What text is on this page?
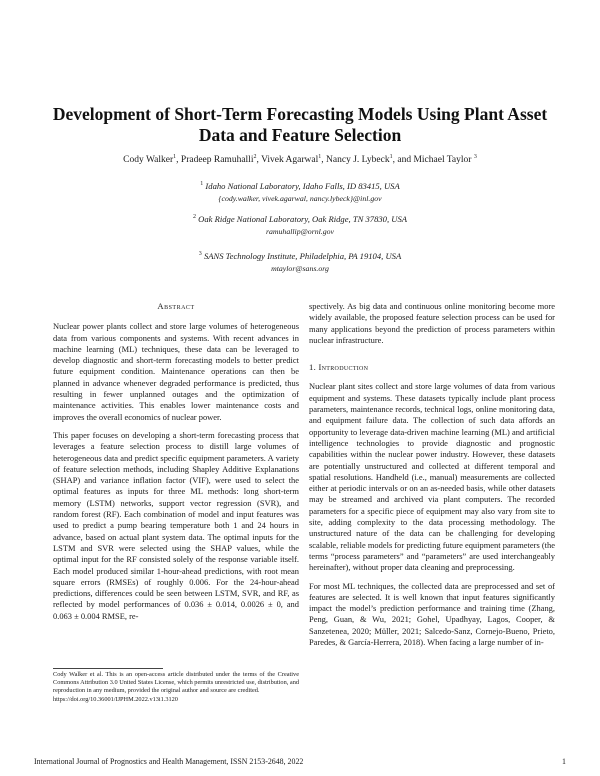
Development of Short-Term Forecasting Models Using Plant Asset Data and Feature Selection
Cody Walker$^1$, Pradeep Ramuhalli$^2$, Vivek Agarwal$^1$, Nancy J. Lybeck$^1$, and Michael Taylor $^3$
$^1$ Idaho National Laboratory, Idaho Falls, ID 83415, USA
{cody.walker, vivek.agarwal, nancy.lybeck}@inl.gov
$^2$ Oak Ridge National Laboratory, Oak Ridge, TN 37830, USA
ramuhallip@ornl.gov
$^3$ SANS Technology Institute, Philadelphia, PA 19104, USA
mtaylor@sans.org
Abstract

Nuclear power plants collect and store large volumes of heterogeneous data from various components and systems. With recent advances in machine learning (ML) techniques, these data can be leveraged to develop diagnostic and short-term forecasting models to better predict future equipment condition. Maintenance operations can then be planned in advance whenever degraded performance is predicted, thus resulting in fewer unplanned outages and the optimization of maintenance activities. This enables lower maintenance costs and improves the overall economics of nuclear power.

This paper focuses on developing a short-term forecasting process that leverages a feature selection process to distill large volumes of heterogeneous data and predict specific equipment parameters. A variety of feature selection methods, including Shapley Additive Explanations (SHAP) and variance inflation factor (VIF), were used to select the optimal features as inputs for three ML methods: long short-term memory (LSTM) networks, support vector regression (SVR), and random forest (RF). Each combination of model and input features was used to predict a pump bearing temperature both 1 and 24 hours in advance, based on actual plant system data. The optimal inputs for the LSTM and SVR were selected using the SHAP values, while the optimal input for the RF consisted solely of the response variable itself. Each model produced similar 1-hour-ahead predictions, with root mean square errors (RMSEs) of roughly 0.006. For the 24-hour-ahead predictions, differences could be seen between LSTM, SVR, and RF, as reflected by model performances of 0.036 ± 0.014, 0.0026 ± 0, and 0.063 ± 0.004 RMSE, re-

spectively. As big data and continuous online monitoring become more widely available, the proposed feature selection process can be used for many applications beyond the prediction of process parameters within nuclear infrastructure.

1. Introduction

Nuclear plant sites collect and store large volumes of data from various equipment and systems. These datasets typically include plant process parameters, maintenance records, technical logs, online monitoring data, and equipment failure data. The collection of such data affords an opportunity to leverage data-driven machine learning (ML) and artificial intelligence technologies to provide diagnostic and prognostic capabilities within the nuclear power industry. However, these datasets are potentially unstructured and collected at different temporal and spatial resolutions. Handheld (i.e., manual) measurements are collected either at periodic intervals or on an as-needed basis, while other datasets may be streamed and archived via plant computers. The recorded parameters for a specific piece of equipment may also vary from site to site, adding complexity to the data processing methodology. The unstructured nature of the data can be challenging for developing scalable, reliable models for predicting future equipment parameters (the terms “process parameters” and “parameters” are used interchangeably hereinafter), without proper data cleaning and preprocessing.

For most ML techniques, the collected data are preprocessed and set of features are selected. It is well known that input features significantly impact the model’s prediction performance and training time (Zhang, Peng, Guan, & Wu, 2021; Gohel, Upadhyay, Lagos, Cooper, & Sanzetenea, 2020; Müller, 2021; Salcedo-Sanz, Cornejo-Bueno, Prieto, Paredes, & García-Herrera, 2018). When facing a large number of in-

Cody Walker et al. This is an open-access article distributed under the terms of the Creative Commons Attribution 3.0 United States License, which permits unrestricted use, distribution, and reproduction in any medium, provided the original author and source are credited.
https://doi.org/10.36001/IJPHM.2022.v13i1.3120
International Journal of Prognostics and Health Management, ISSN 2153-2648, 2022	1
